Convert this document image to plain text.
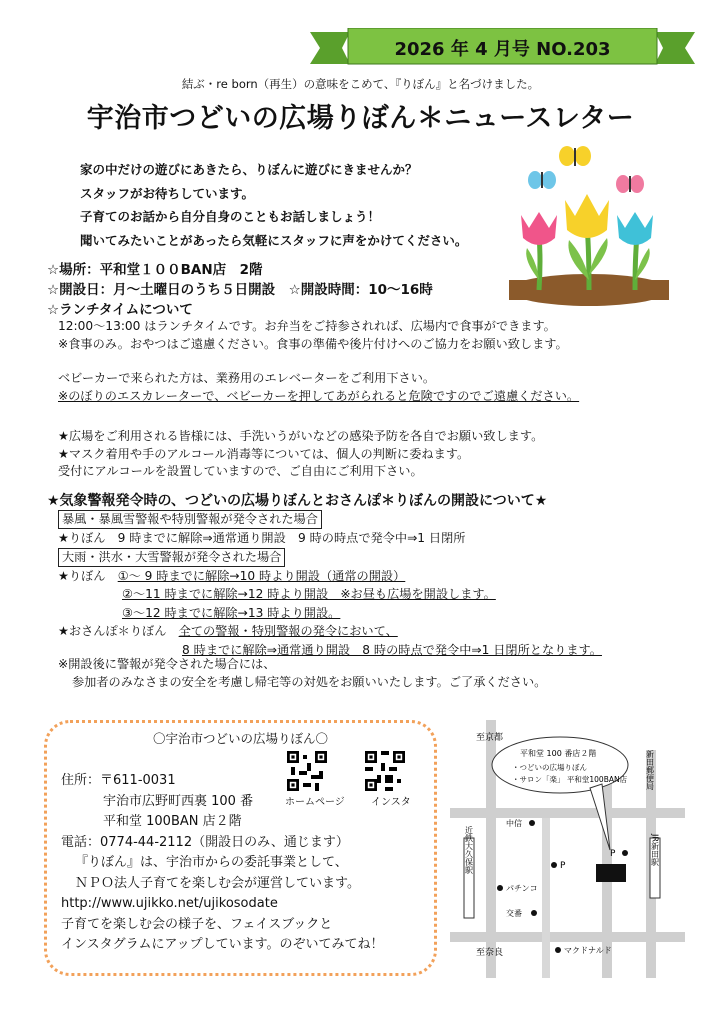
2026 年 4 月号 NO.203
結ぶ・re born（再生）の意味をこめて、『りぼん』と名づけました。
宇治市つどいの広場りぼん＊ニュースレター
家の中だけの遊びにあきたら、りぼんに遊びにきませんか？
スタッフがお待ちしています。
子育てのお話から自分自身のこともお話しましょう！
聞いてみたいことがあったら気軽にスタッフに声をかけてください。
☆場所：平和堂１００BAN店　2階
☆開設日：月～土曜日のうち５日開設　☆開設時間：10～16時
☆ランチタイムについて
12:00～13:00 はランチタイムです。お弁当をご持参されれば、広場内で食事ができます。
※食事のみ。おやつはご遠慮ください。食事の準備や後片付けへのご協力をお願い致します。
ベビーカーで来られた方は、業務用のエレベーターをご利用下さい。
※のぼりのエスカレーターで、ベビーカーを押してあがられると危険ですのでご遠慮ください。
★広場をご利用される皆様には、手洗いうがいなどの感染予防を各自でお願い致します。
★マスク着用や手のアルコール消毒等については、個人の判断に委ねます。
受付にアルコールを設置していますので、ご自由にご利用下さい。
★気象警報発令時の、つどいの広場りぼんとおさんぽ＊りぼんの開設について★
暴風・暴風雪警報や特別警報が発令された場合
★りぼん　9 時までに解除⇒通常通り開設　9 時の時点で発令中⇒1 日閉所
大雨・洪水・大雪警報が発令された場合
★りぼん　①～ 9 時までに解除→10 時より開設（通常の開設）
②～11 時までに解除→12 時より開設　※お昼も広場を開設します。
③～12 時までに解除→13 時より開設。
★おさんぽ＊りぼん　全ての警報・特別警報の発令において、
8 時までに解除⇒通常通り開設　8 時の時点で発令中⇒1 日閉所となります。
※開設後に警報が発令された場合には、
参加者のみなさまの安全を考慮し帰宅等の対処をお願いいたします。ご了承ください。
〇宇治市つどいの広場りぼん〇
ホームページ	インスタ
住所：〒611-0031
宇治市広野町西裏 100 番
平和堂 100BAN 店２階
電話：0774-44-2112（開設日のみ、通じます）
『りぼん』は、宇治市からの委託事業として、
ＮＰＯ法人子育てを楽しむ会が運営しています。
http://www.ujikko.net/ujikosodate
子育てを楽しむ会の様子を、フェイスブックと
インスタグラムにアップしています。のぞいてみてね！
近鉄大久保駅	JR新田駅
至京都
至奈良
新田郵便局
平和堂 100 番店２階
・つどいの広場りぼん
・サロン「楽」 平和堂100BAN店
中信
パチンコ
交番
マクドナルド
P
P
